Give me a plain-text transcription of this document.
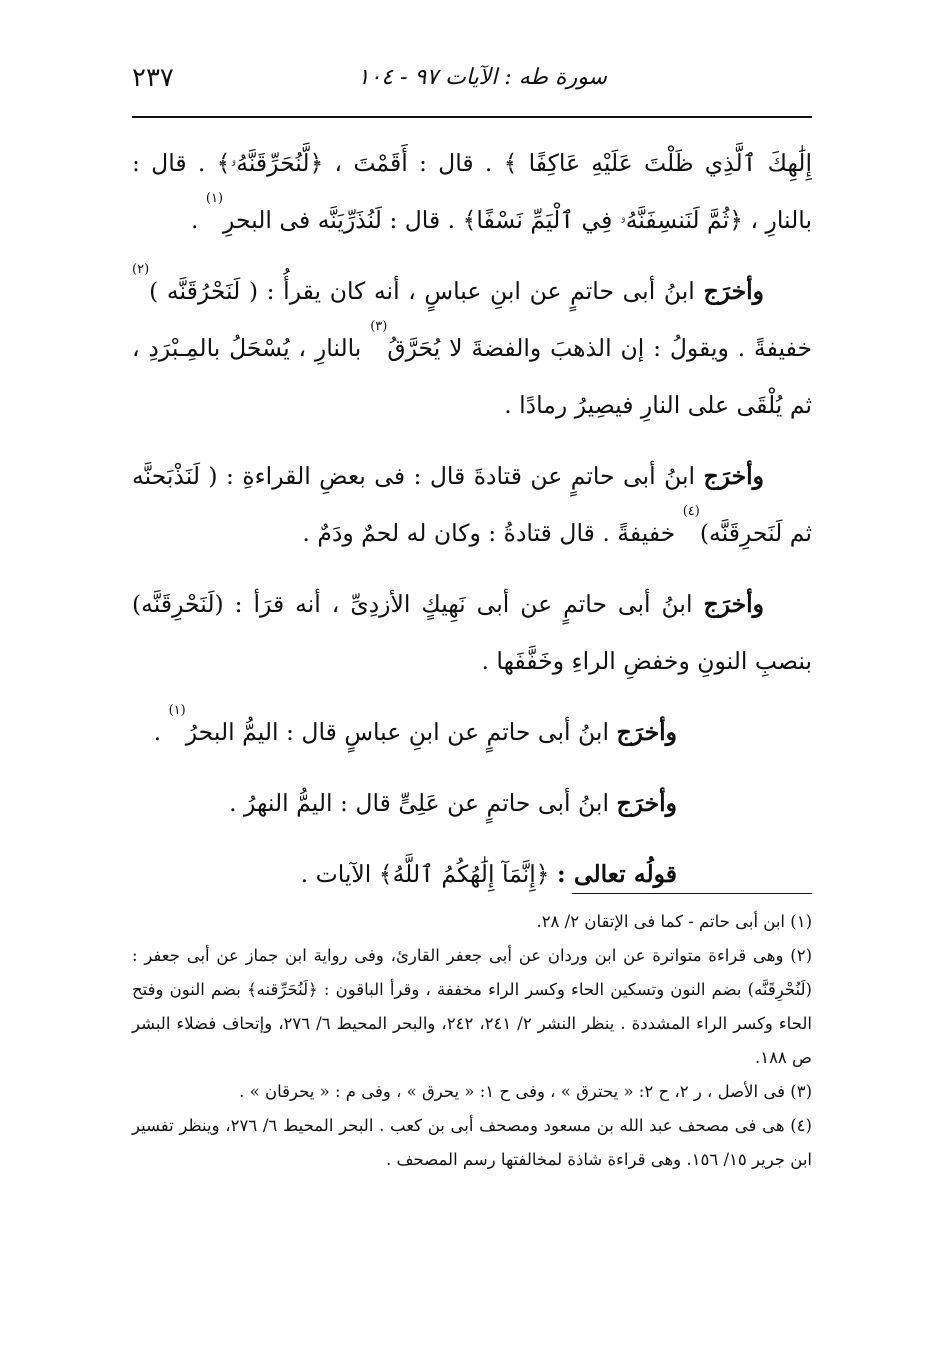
٢٣٧	سورة طه : الآيات ٩٧ - ١٠٤

إِلَٰهِكَ ٱلَّذِي ظَلْتَ عَلَيْهِ عَاكِفًا ﴾ . قال : أَقَمْتَ ، ﴿لَّنُحَرِّقَنَّهُۥ﴾ . قال : بالنارِ ، ﴿ثُمَّ لَنَنسِفَنَّهُۥ فِي ٱلْيَمِّ نَسْفًا﴾ . قال : لَنُذَرِّيَنَّه فى البحرِ$^{(١)}$ .

وأخرَج ابنُ أبى حاتمٍ عن ابنِ عباسٍ ، أنه كان يقرأُ : ( لَنَحْرُقَنَّه )$^{(٢)}$ خفيفةً . ويقولُ : إن الذهبَ والفضةَ لا يُحَرَّقُ$^{(٣)}$ بالنارِ ، يُسْحَلُ بالمِـبْرَدِ ، ثم يُلْقَى على النارِ فيصِيرُ رمادًا .

وأخرَج ابنُ أبى حاتمٍ عن قتادةَ قال : فى بعضِ القراءةِ : ( لَنَذْبَحنَّه ثم لَنَحرِقَنَّه)$^{(٤)}$ خفيفةً . قال قتادةُ : وكان له لحمٌ ودَمٌ .

وأخرَج ابنُ أبى حاتمٍ عن أبى نَهِيكٍ الأزدِىِّ ، أنه قرَأ : (لَنَحْرِقَنَّه) بنصبِ النونِ وخفضِ الراءِ وخَفَّفَها .

وأخرَج ابنُ أبى حاتمٍ عن ابنِ عباسٍ قال : اليمُّ البحرُ$^{(١)}$ .

وأخرَج ابنُ أبى حاتمٍ عن عَلِىٍّ قال : اليمُّ النهرُ .

قولُه تعالى : ﴿إِنَّمَآ إِلَٰهُكُمُ ٱللَّهُ﴾ الآيات .

(١) ابن أبى حاتم - كما فى الإتقان ٢/ ٢٨.

(٢) وهى قراءة متواترة عن ابن وردان عن أبى جعفر القارئ، وفى رواية ابن جماز عن أبى جعفر : (لَنُحْرِقَنَّه) بضم النون وتسكين الحاء وكسر الراء مخففة ، وقرأ الباقون : ﴿لَنُحَرِّقنه﴾ بضم النون وفتح الحاء وكسر الراء المشددة . ينظر النشر ٢/ ٢٤١، ٢٤٢، والبحر المحيط ٦/ ٢٧٦، وإتحاف فضلاء البشر ص ١٨٨.

(٣) فى الأصل ، ر ٢، ح ٢: « يحترق » ، وفى ح ١: « يحرق » ، وفى م : « يحرقان » .

(٤) هى فى مصحف عبد الله بن مسعود ومصحف أبى بن كعب . البحر المحيط ٦/ ٢٧٦، وينظر تفسير ابن جرير ١٥/ ١٥٦. وهى قراءة شاذة لمخالفتها رسم المصحف .
